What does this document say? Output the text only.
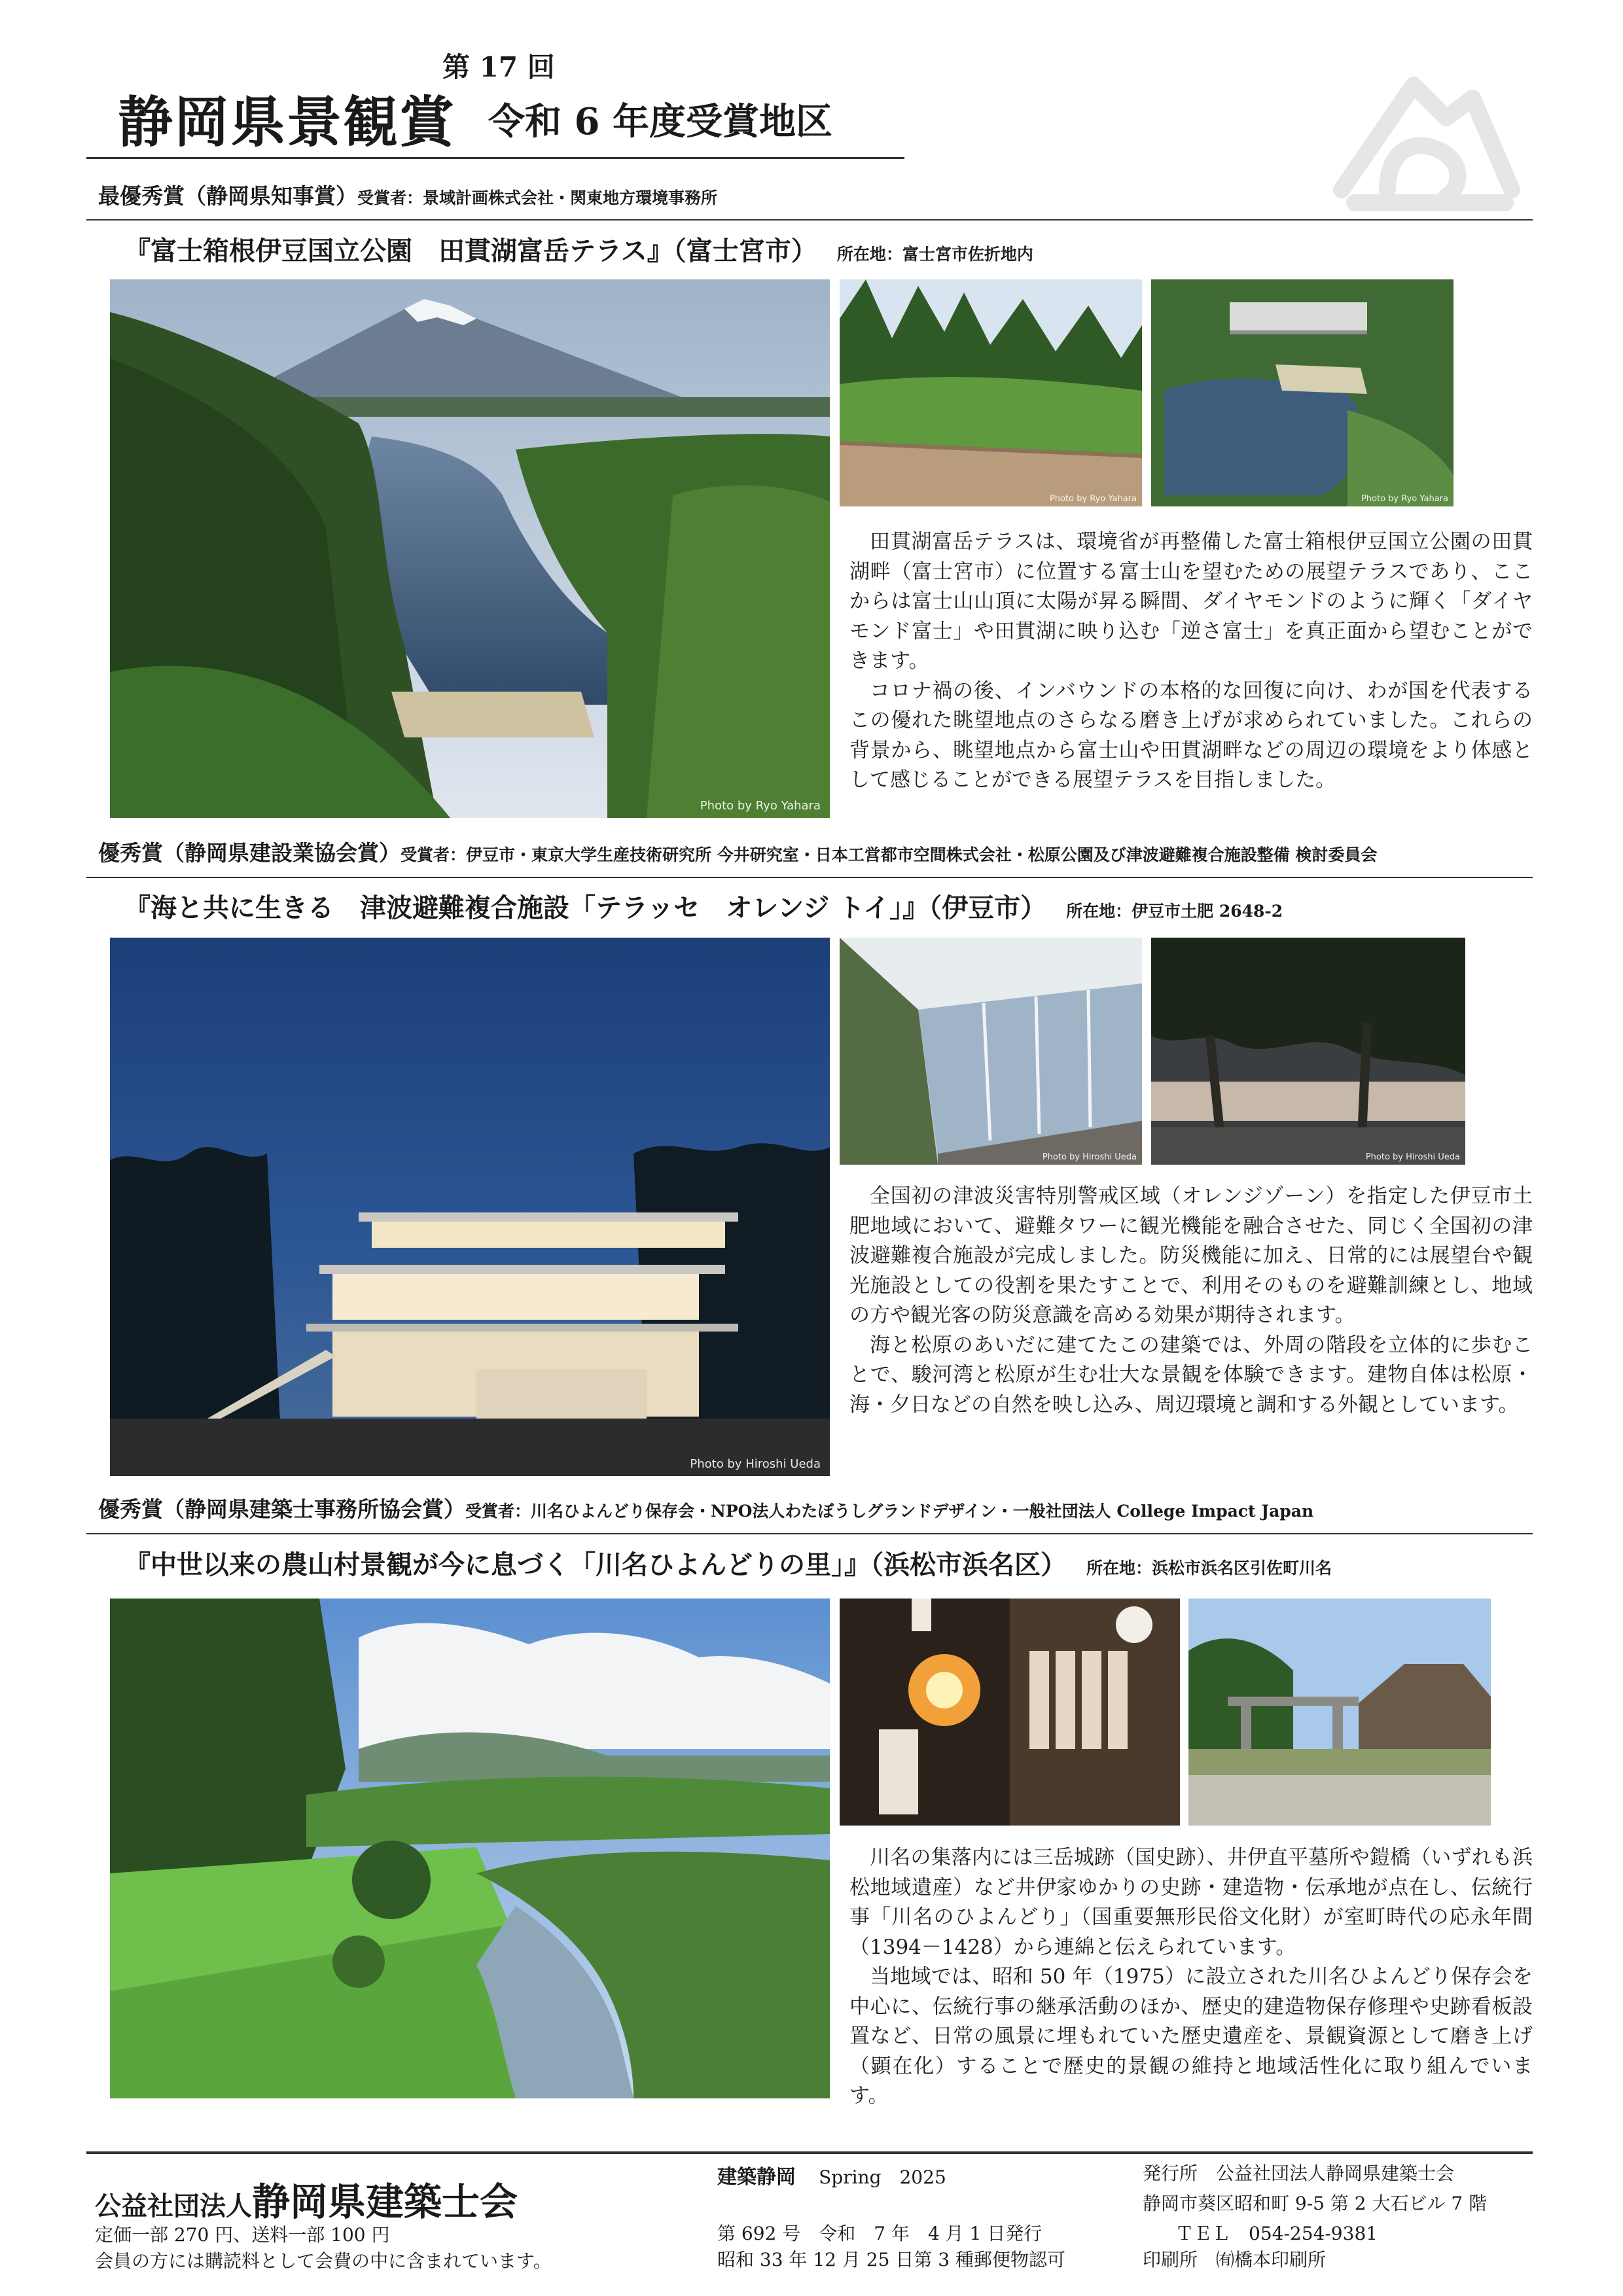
第 17 回
静岡県景観賞 令和 6 年度受賞地区
最優秀賞（静岡県知事賞）受賞者：景域計画株式会社・関東地方環境事務所
『富士箱根伊豆国立公園　田貫湖富岳テラス』（富士宮市） 所在地：富士宮市佐折地内
Photo by Ryo Yahara
Photo by Ryo Yahara	Photo by Ryo Yahara

田貫湖富岳テラスは、環境省が再整備した富士箱根伊豆国立公園の田貫湖畔（富士宮市）に位置する富士山を望むための展望テラスであり、ここからは富士山山頂に太陽が昇る瞬間、ダイヤモンドのように輝く「ダイヤモンド富士」や田貫湖に映り込む「逆さ富士」を真正面から望むことができます。

コロナ禍の後、インバウンドの本格的な回復に向け、わが国を代表するこの優れた眺望地点のさらなる磨き上げが求められていました。これらの背景から、眺望地点から富士山や田貫湖畔などの周辺の環境をより体感として感じることができる展望テラスを目指しました。

優秀賞（静岡県建設業協会賞）受賞者：伊豆市・東京大学生産技術研究所 今井研究室・日本工営都市空間株式会社・松原公園及び津波避難複合施設整備 検討委員会
『海と共に生きる　津波避難複合施設「テラッセ　オレンジ トイ」』（伊豆市） 所在地：伊豆市土肥 2648-2
Photo by Hiroshi Ueda
Photo by Hiroshi Ueda	Photo by Hiroshi Ueda

全国初の津波災害特別警戒区域（オレンジゾーン）を指定した伊豆市土肥地域において、避難タワーに観光機能を融合させた、同じく全国初の津波避難複合施設が完成しました。防災機能に加え、日常的には展望台や観光施設としての役割を果たすことで、利用そのものを避難訓練とし、地域の方や観光客の防災意識を高める効果が期待されます。

海と松原のあいだに建てたこの建築では、外周の階段を立体的に歩むことで、駿河湾と松原が生む壮大な景観を体験できます。建物自体は松原・海・夕日などの自然を映し込み、周辺環境と調和する外観としています。

優秀賞（静岡県建築士事務所協会賞）受賞者：川名ひよんどり保存会・NPO法人わたぼうしグランドデザイン・一般社団法人 College Impact Japan
『中世以来の農山村景観が今に息づく「川名ひよんどりの里」』（浜松市浜名区） 所在地：浜松市浜名区引佐町川名

川名の集落内には三岳城跡（国史跡）、井伊直平墓所や鎧橋（いずれも浜松地域遺産）など井伊家ゆかりの史跡・建造物・伝承地が点在し、伝統行事「川名のひよんどり」（国重要無形民俗文化財）が室町時代の応永年間（1394－1428）から連綿と伝えられています。

当地域では、昭和 50 年（1975）に設立された川名ひよんどり保存会を中心に、伝統行事の継承活動のほか、歴史的建造物保存修理や史跡看板設置など、日常の風景に埋もれていた歴史遺産を、景観資源として磨き上げ（顕在化）することで歴史的景観の維持と地域活性化に取り組んでいます。

公益社団法人静岡県建築士会
定価一部 270 円、送料一部 100 円
会員の方には購読料として会費の中に含まれています。
建築静岡 Spring　2025
第 692 号　令和　7 年　4 月 1 日発行
昭和 33 年 12 月 25 日第 3 種郵便物認可
発行所　公益社団法人静岡県建築士会
静岡市葵区昭和町 9-5 第 2 大石ビル 7 階
ＴＥＬ　054-254-9381
印刷所　㈲橋本印刷所
